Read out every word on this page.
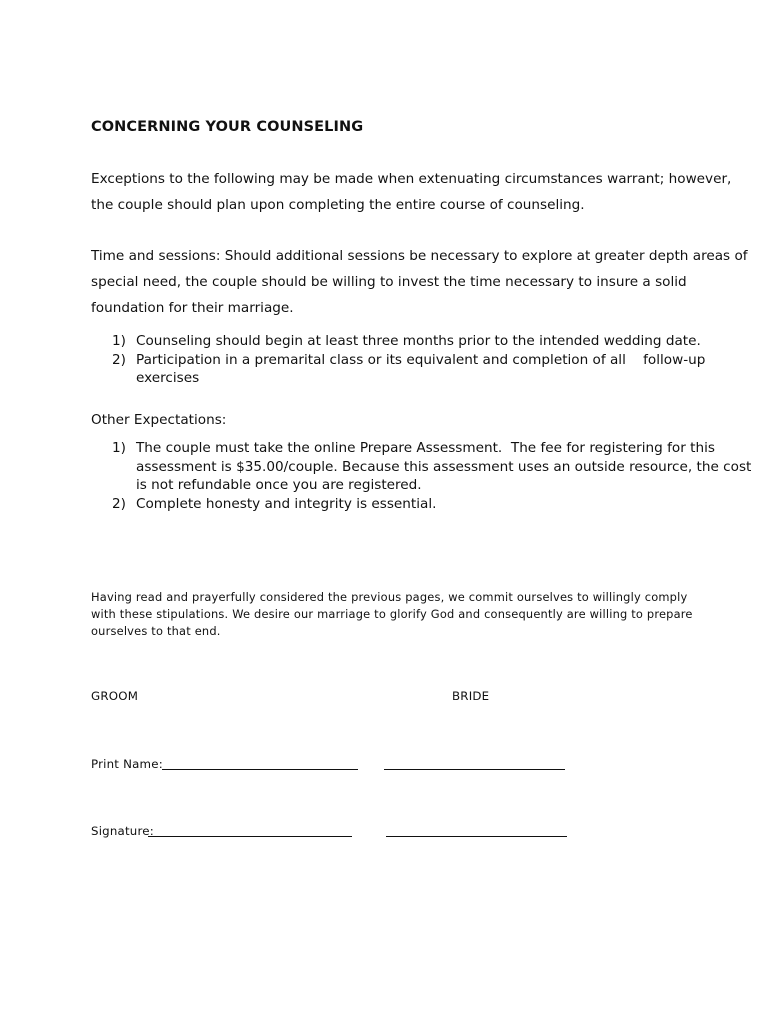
CONCERNING YOUR COUNSELING
Exceptions to the following may be made when extenuating circumstances warrant; however,
the couple should plan upon completing the entire course of counseling.
Time and sessions: Should additional sessions be necessary to explore at greater depth areas of
special need, the couple should be willing to invest the time necessary to insure a solid
foundation for their marriage.
1) Counseling should begin at least three months prior to the intended wedding date.
2) Participation in a premarital class or its equivalent and completion of all    follow-up
exercises
Other Expectations:
1) The couple must take the online Prepare Assessment.  The fee for registering for this
assessment is $35.00/couple. Because this assessment uses an outside resource, the cost
is not refundable once you are registered.
2) Complete honesty and integrity is essential.
Having read and prayerfully considered the previous pages, we commit ourselves to willingly comply
with these stipulations. We desire our marriage to glorify God and consequently are willing to prepare
ourselves to that end.
GROOM	BRIDE
Print Name:
Signature:
